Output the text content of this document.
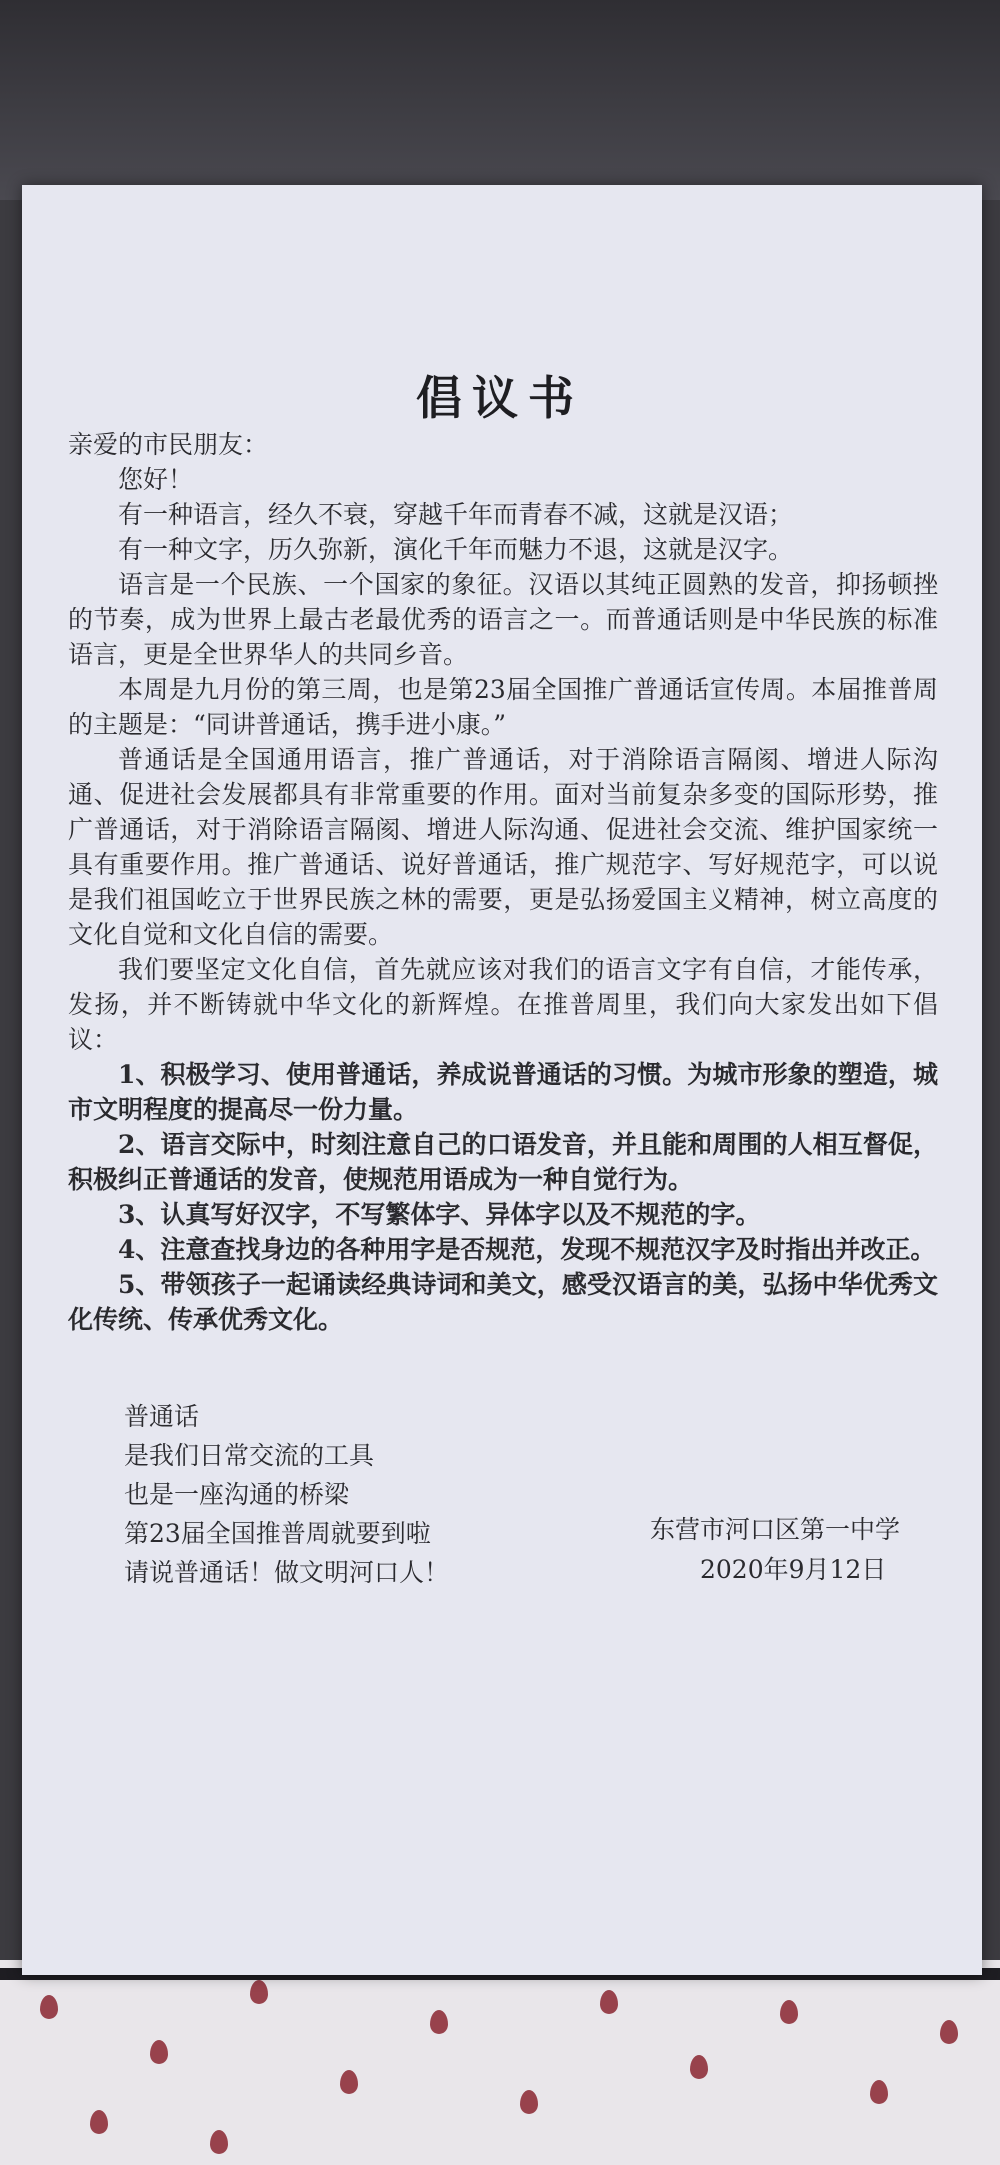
倡议书
亲爱的市民朋友：

您好！

有一种语言，经久不衰，穿越千年而青春不减，这就是汉语；

有一种文字，历久弥新，演化千年而魅力不退，这就是汉字。

语言是一个民族、一个国家的象征。汉语以其纯正圆熟的发音，抑扬顿挫的节奏，成为世界上最古老最优秀的语言之一。而普通话则是中华民族的标准语言，更是全世界华人的共同乡音。

本周是九月份的第三周，也是第23届全国推广普通话宣传周。本届推普周的主题是：“同讲普通话，携手进小康。”

普通话是全国通用语言，推广普通话，对于消除语言隔阂、增进人际沟通、促进社会发展都具有非常重要的作用。面对当前复杂多变的国际形势，推广普通话，对于消除语言隔阂、增进人际沟通、促进社会交流、维护国家统一具有重要作用。推广普通话、说好普通话，推广规范字、写好规范字，可以说是我们祖国屹立于世界民族之林的需要，更是弘扬爱国主义精神，树立高度的文化自觉和文化自信的需要。

我们要坚定文化自信，首先就应该对我们的语言文字有自信，才能传承，发扬，并不断铸就中华文化的新辉煌。在推普周里，我们向大家发出如下倡议：

1、积极学习、使用普通话，养成说普通话的习惯。为城市形象的塑造，城市文明程度的提高尽一份力量。

2、语言交际中，时刻注意自己的口语发音，并且能和周围的人相互督促，积极纠正普通话的发音，使规范用语成为一种自觉行为。

3、认真写好汉字，不写繁体字、异体字以及不规范的字。

4、注意查找身边的各种用字是否规范，发现不规范汉字及时指出并改正。

5、带领孩子一起诵读经典诗词和美文，感受汉语言的美，弘扬中华优秀文化传统、传承优秀文化。

普通话
是我们日常交流的工具
也是一座沟通的桥梁
第23届全国推普周就要到啦
请说普通话！做文明河口人！
东营市河口区第一中学
2020年9月12日
